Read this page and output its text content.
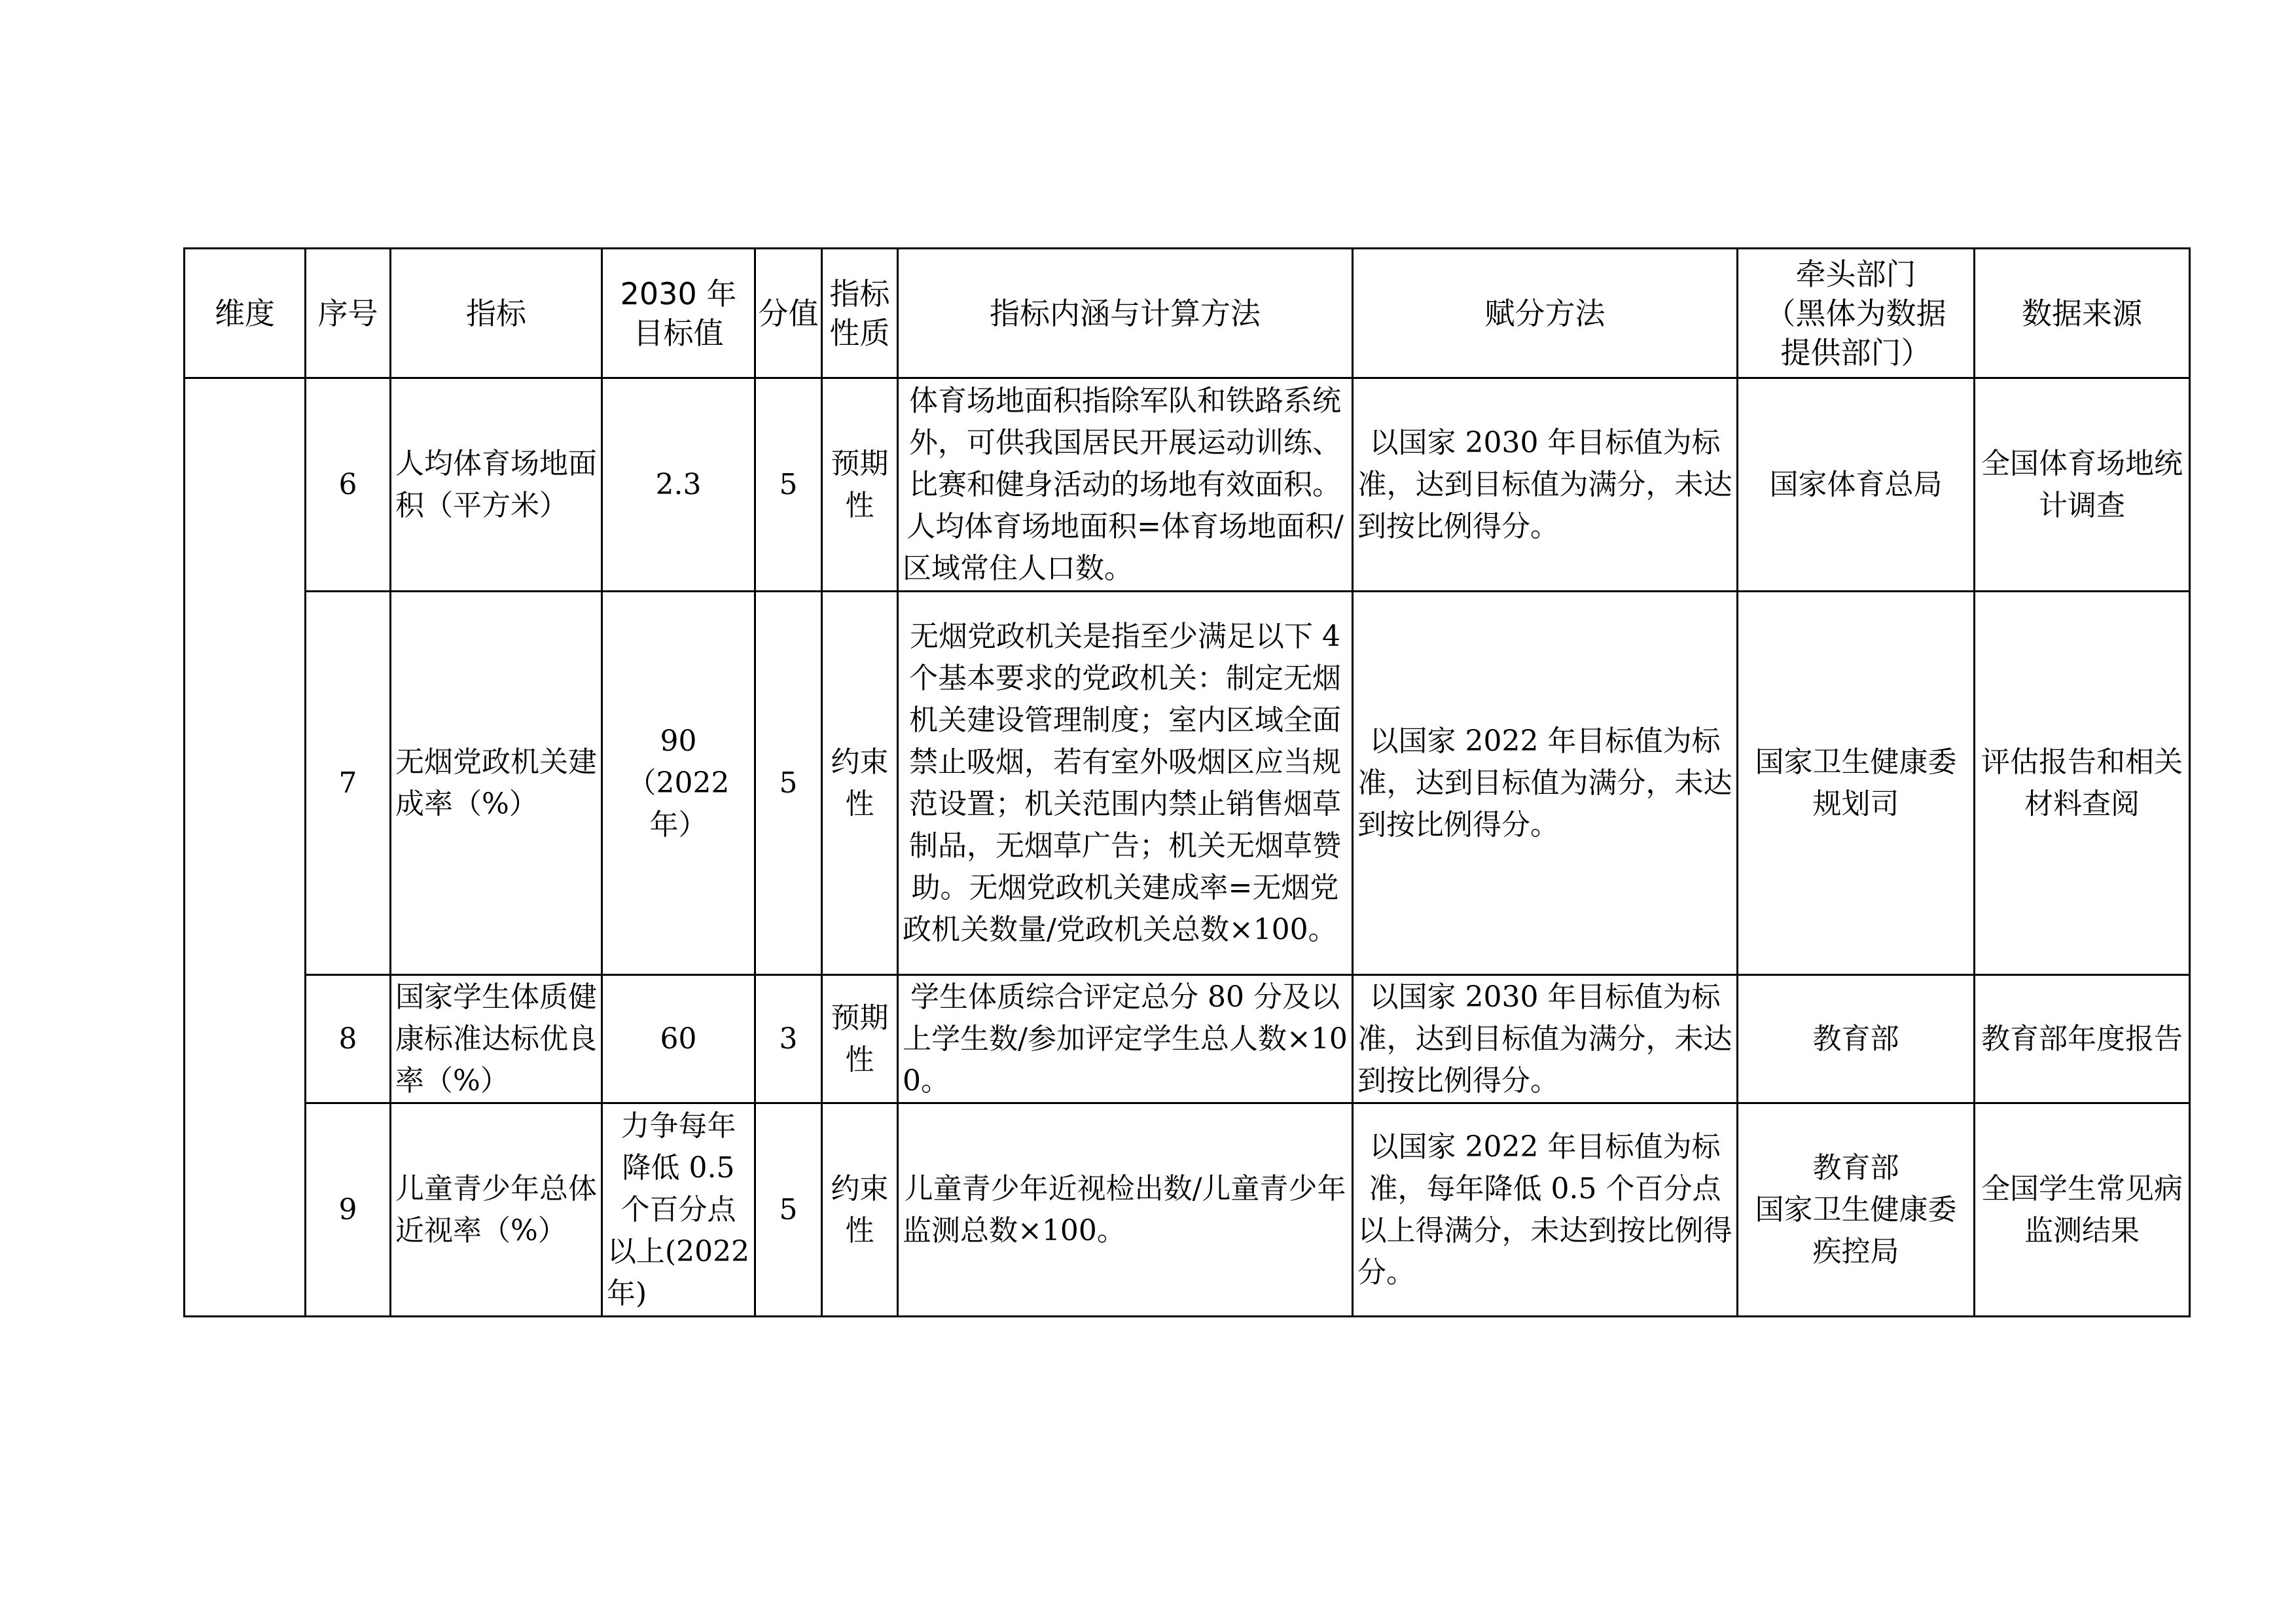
维度	序号	指标	2030 年
目标值	分值	指标
性质	指标内涵与计算方法	赋分方法	牵头部门
（黑体为数据
提供部门）	数据来源
	6	人均体育场地面积（平方米）	2.3	5	预期性	体育场地面积指除军队和铁路系统外，可供我国居民开展运动训练、比赛和健身活动的场地有效面积。人均体育场地面积=体育场地面积/区域常住人口数。	以国家 2030 年目标值为标准，达到目标值为满分，未达到按比例得分。	国家体育总局	全国体育场地统计调查
	7	无烟党政机关建成率（%）	90
（2022
年）	5	约束性	无烟党政机关是指至少满足以下 4 个基本要求的党政机关：制定无烟机关建设管理制度；室内区域全面禁止吸烟，若有室外吸烟区应当规范设置；机关范围内禁止销售烟草制品，无烟草广告；机关无烟草赞助。无烟党政机关建成率=无烟党政机关数量/党政机关总数×100。	以国家 2022 年目标值为标准，达到目标值为满分，未达到按比例得分。	国家卫生健康委
规划司	评估报告和相关材料查阅
	8	国家学生体质健康标准达标优良率（%）	60	3	预期性	学生体质综合评定总分 80 分及以上学生数/参加评定学生总人数×100。	以国家 2030 年目标值为标准，达到目标值为满分，未达到按比例得分。	教育部	教育部年度报告
	9	儿童青少年总体近视率（%）	力争每年降低 0.5 个百分点以上(2022年)	5	约束性	儿童青少年近视检出数/儿童青少年监测总数×100。	以国家 2022 年目标值为标准，每年降低 0.5 个百分点以上得满分，未达到按比例得分。	教育部
国家卫生健康委
疾控局	全国学生常见病监测结果
